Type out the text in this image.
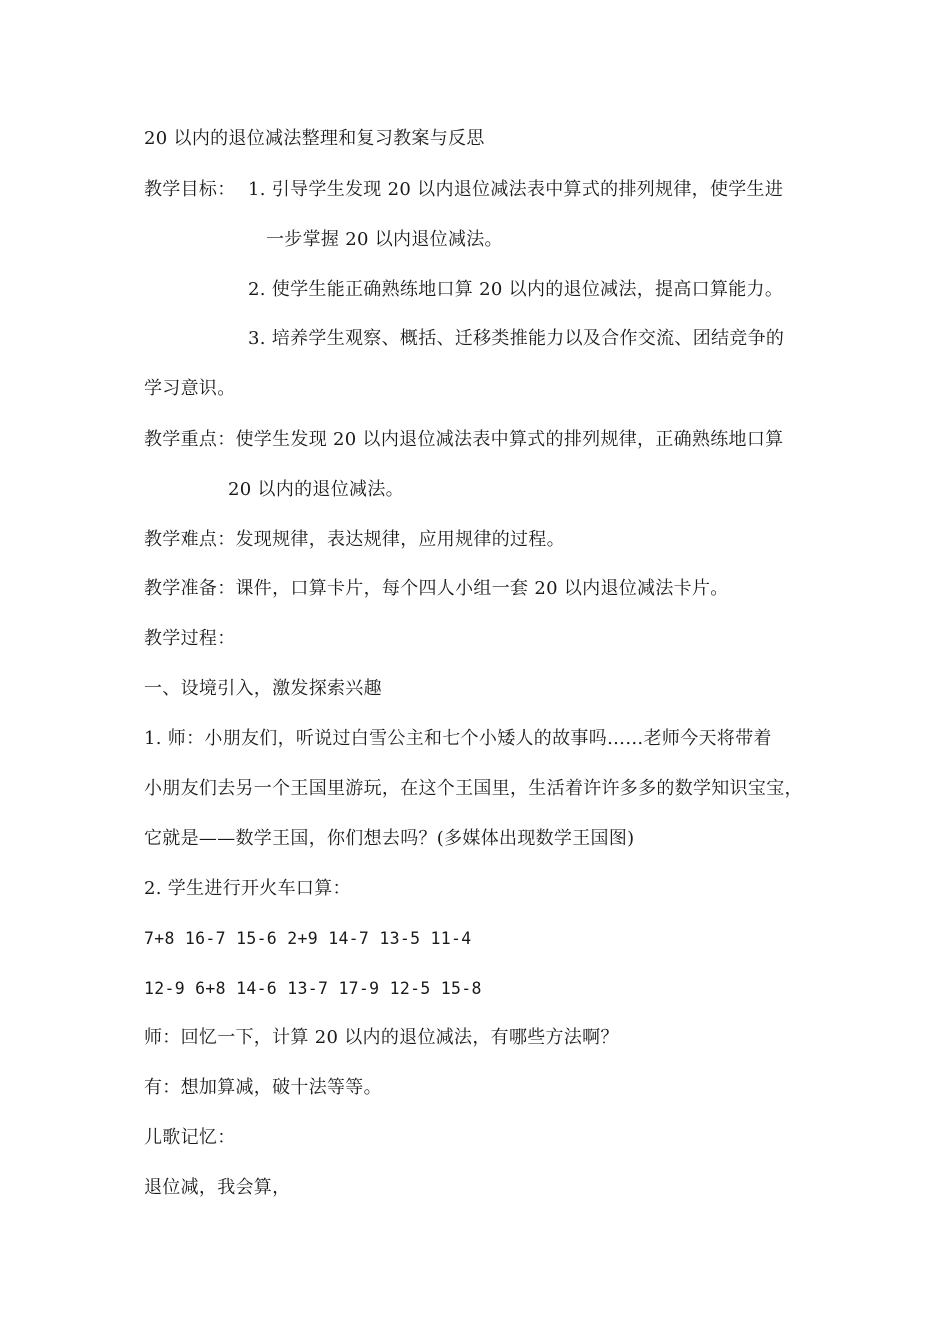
20 以内的退位减法整理和复习教案与反思
教学目标： 1. 引导学生发现 20 以内退位减法表中算式的排列规律，使学生进
一步掌握 20 以内退位减法。
2. 使学生能正确熟练地口算 20 以内的退位减法，提高口算能力。
3. 培养学生观察、概括、迁移类推能力以及合作交流、团结竞争的
学习意识。
教学重点：使学生发现 20 以内退位减法表中算式的排列规律，正确熟练地口算
20 以内的退位减法。
教学难点：发现规律，表达规律，应用规律的过程。
教学准备：课件，口算卡片，每个四人小组一套 20 以内退位减法卡片。
教学过程：
一、设境引入，激发探索兴趣
1. 师：小朋友们，听说过白雪公主和七个小矮人的故事吗……老师今天将带着
小朋友们去另一个王国里游玩，在这个王国里，生活着许许多多的数学知识宝宝，
它就是——数学王国，你们想去吗？(多媒体出现数学王国图)
2. 学生进行开火车口算：
7+8 16-7 15-6 2+9 14-7 13-5 11-4
12-9 6+8 14-6 13-7 17-9 12-5 15-8
师：回忆一下，计算 20 以内的退位减法，有哪些方法啊？
有：想加算减，破十法等等。
儿歌记忆：
退位减，我会算，
